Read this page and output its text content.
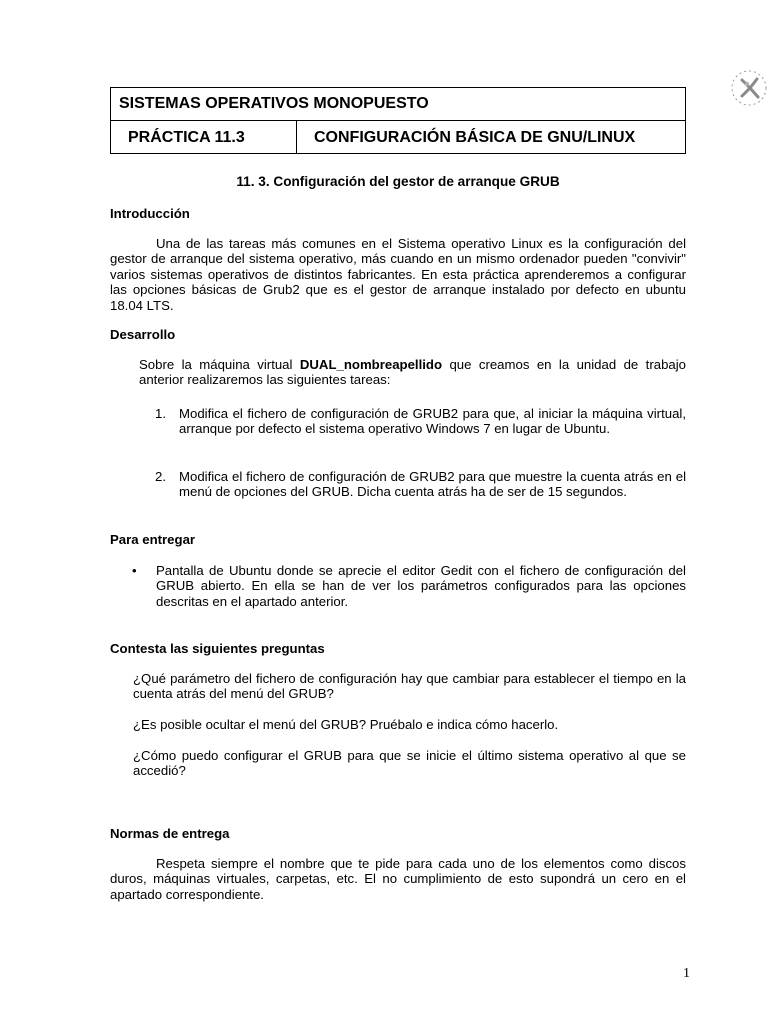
SISTEMAS OPERATIVOS MONOPUESTO
PRÁCTICA 11.3	CONFIGURACIÓN BÁSICA DE GNU/LINUX
11. 3. Configuración del gestor de arranque GRUB
Introducción
Una de las tareas más comunes en el Sistema operativo Linux es la configuración del gestor de arranque del sistema operativo, más cuando en un mismo ordenador pueden "convivir" varios sistemas operativos de distintos fabricantes. En esta práctica aprenderemos a configurar las opciones básicas de Grub2 que es el gestor de arranque instalado por defecto en ubuntu 18.04 LTS.
Desarrollo
Sobre la máquina virtual DUAL_nombreapellido que creamos en la unidad de trabajo anterior realizaremos las siguientes tareas:
1. Modifica el fichero de configuración de GRUB2 para que, al iniciar la máquina virtual, arranque por defecto el sistema operativo Windows 7 en lugar de Ubuntu.
2. Modifica el fichero de configuración de GRUB2 para que muestre la cuenta atrás en el menú de opciones del GRUB. Dicha cuenta atrás ha de ser de 15 segundos.
Para entregar
• Pantalla de Ubuntu donde se aprecie el editor Gedit con el fichero de configuración del GRUB abierto. En ella se han de ver los parámetros configurados para las opciones descritas en el apartado anterior.
Contesta las siguientes preguntas
¿Qué parámetro del fichero de configuración hay que cambiar para establecer el tiempo en la cuenta atrás del menú del GRUB?
¿Es posible ocultar el menú del GRUB? Pruébalo e indica cómo hacerlo.
¿Cómo puedo configurar el GRUB para que se inicie el último sistema operativo al que se accedió?
Normas de entrega
Respeta siempre el nombre que te pide para cada uno de los elementos como discos duros, máquinas virtuales, carpetas, etc. El no cumplimiento de esto supondrá un cero en el apartado correspondiente.
1
